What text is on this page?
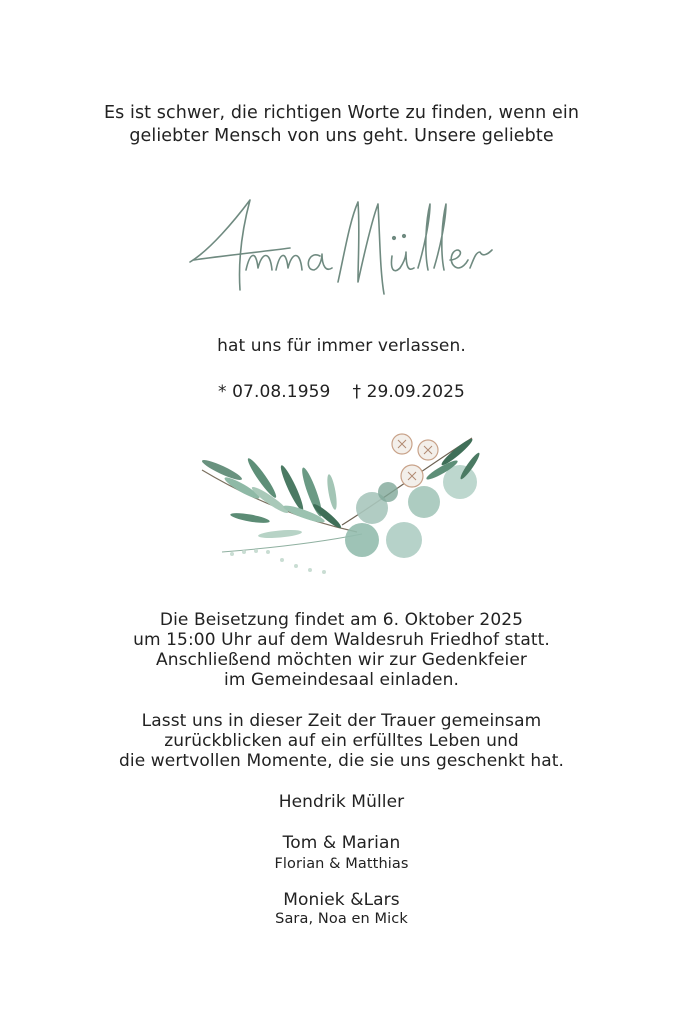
Es ist schwer, die richtigen Worte zu finden, wenn ein
geliebter Mensch von uns geht. Unsere geliebte
hat uns für immer verlassen.
* 07.08.1959 † 29.09.2025
Die Beisetzung findet am 6. Oktober 2025
um 15:00 Uhr auf dem Waldesruh Friedhof statt.
Anschließend möchten wir zur Gedenkfeier
im Gemeindesaal einladen.
Lasst uns in dieser Zeit der Trauer gemeinsam
zurückblicken auf ein erfülltes Leben und
die wertvollen Momente, die sie uns geschenkt hat.
Hendrik Müller
Tom & Marian
Florian & Matthias
Moniek &Lars
Sara, Noa en Mick
